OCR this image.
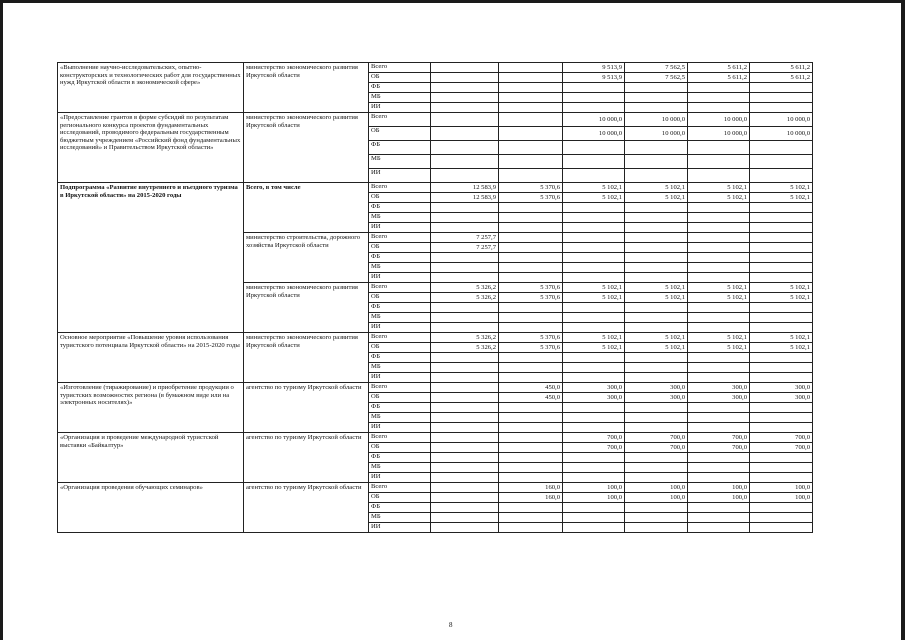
«Выполнение научно-исследовательских, опытно-конструкторских и технологических работ для государственных нужд Иркутской области в экономической сфере»	министерство экономического развития Иркутской области	Всего			9 513,9	7 562,5	5 611,2	5 611,2
		ОБ			9 513,9	7 562,5	5 611,2	5 611,2
		ФБ						
		МБ						
		ИИ						
«Предоставление грантов в форме субсидий по результатам регионального конкурса проектов фундаментальных исследований, проводимого федеральным государственным бюджетным учреждением «Российский фонд фундаментальных исследований» и Правительством Иркутской области»	министерство экономического развития Иркутской области	Всего			10 000,0	10 000,0	10 000,0	10 000,0
		ОБ			10 000,0	10 000,0	10 000,0	10 000,0
		ФБ						
		МБ						
		ИИ						
Подпрограмма «Развитие внутреннего и въездного туризма в Иркутской области» на 2015-2020 годы	Всего, в том числе	Всего	12 583,9	5 370,6	5 102,1	5 102,1	5 102,1	5 102,1
		ОБ	12 583,9	5 370,6	5 102,1	5 102,1	5 102,1	5 102,1
		ФБ						
		МБ						
		ИИ						
	министерство строительства, дорожного хозяйства Иркутской области	Всего	7 257,7					
		ОБ	7 257,7					
		ФБ						
		МБ						
		ИИ						
	министерство экономического развития Иркутской области	Всего	5 326,2	5 370,6	5 102,1	5 102,1	5 102,1	5 102,1
		ОБ	5 326,2	5 370,6	5 102,1	5 102,1	5 102,1	5 102,1
		ФБ						
		МБ						
		ИИ						
Основное мероприятие «Повышение уровня использования туристского потенциала Иркутской области» на 2015-2020 годы	министерство экономического развития Иркутской области	Всего	5 326,2	5 370,6	5 102,1	5 102,1	5 102,1	5 102,1
		ОБ	5 326,2	5 370,6	5 102,1	5 102,1	5 102,1	5 102,1
		ФБ						
		МБ						
		ИИ						
«Изготовление (тиражирование) и приобретение продукции о туристских возможностях региона (в бумажном виде или на электронных носителях)»	агентство по туризму Иркутской области	Всего		450,0	300,0	300,0	300,0	300,0
		ОБ		450,0	300,0	300,0	300,0	300,0
		ФБ						
		МБ						
		ИИ						
«Организация и проведение международной туристской выставки «Байкалтур»	агентство по туризму Иркутской области	Всего			700,0	700,0	700,0	700,0
		ОБ			700,0	700,0	700,0	700,0
		ФБ						
		МБ						
		ИИ						
«Организация проведения обучающих семинаров»	агентство по туризму Иркутской области	Всего		160,0	100,0	100,0	100,0	100,0
		ОБ		160,0	100,0	100,0	100,0	100,0
		ФБ						
		МБ						
		ИИ						
8
